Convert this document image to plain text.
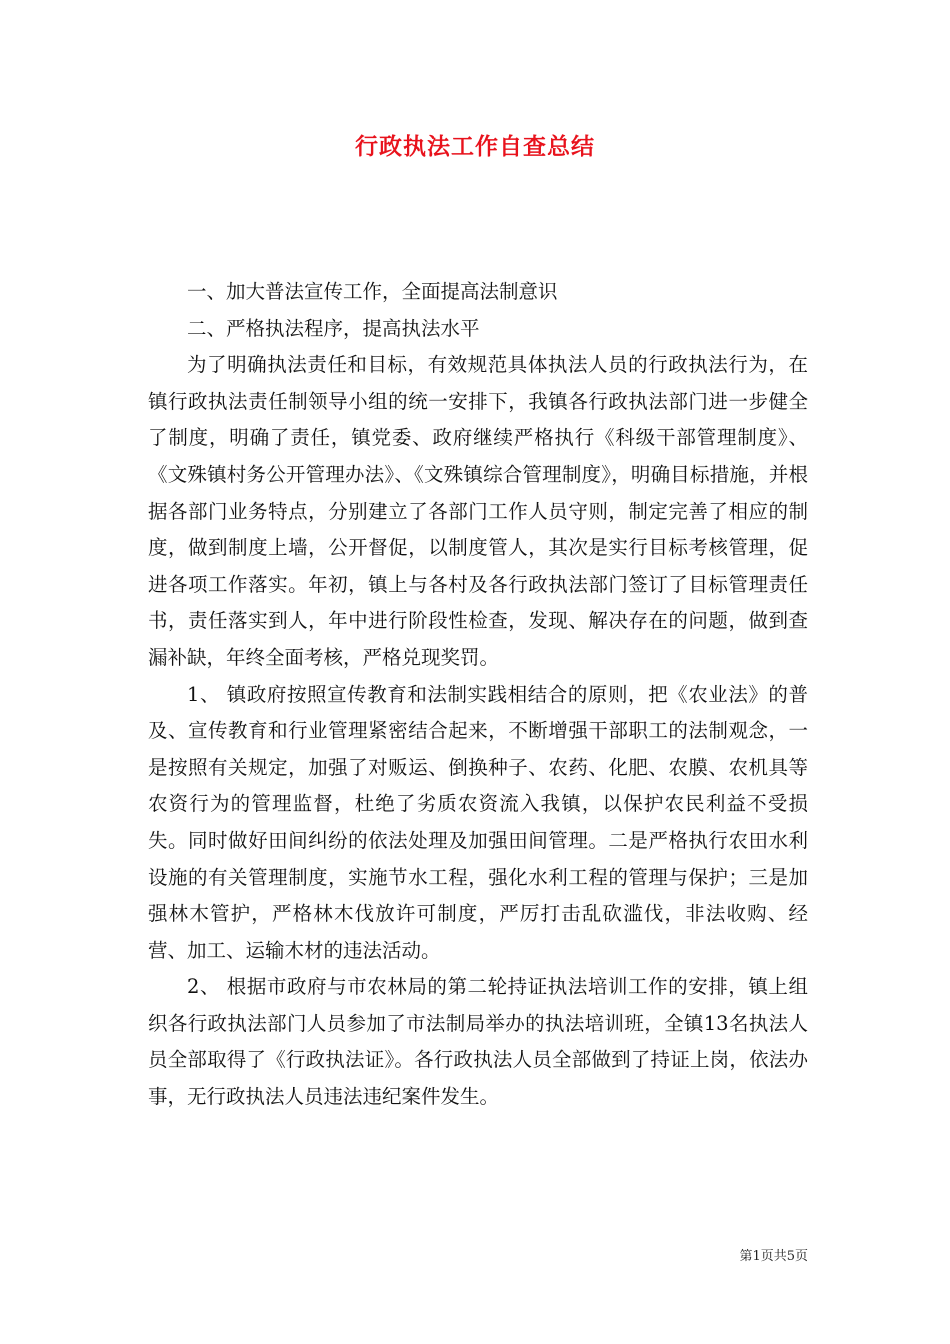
行政执法工作自查总结

一、加大普法宣传工作，全面提高法制意识

二、严格执法程序，提高执法水平

为了明确执法责任和目标，有效规范具体执法人员的行政执法行为，在镇行政执法责任制领导小组的统一安排下，我镇各行政执法部门进一步健全了制度，明确了责任，镇党委、政府继续严格执行《科级干部管理制度》、《文殊镇村务公开管理办法》、《文殊镇综合管理制度》，明确目标措施，并根据各部门业务特点，分别建立了各部门工作人员守则，制定完善了相应的制度，做到制度上墙，公开督促，以制度管人，其次是实行目标考核管理，促进各项工作落实。年初，镇上与各村及各行政执法部门签订了目标管理责任书，责任落实到人，年中进行阶段性检查，发现、解决存在的问题，做到查漏补缺，年终全面考核，严格兑现奖罚。

1、 镇政府按照宣传教育和法制实践相结合的原则，把《农业法》的普及、宣传教育和行业管理紧密结合起来，不断增强干部职工的法制观念，一是按照有关规定，加强了对贩运、倒换种子、农药、化肥、农膜、农机具等农资行为的管理监督，杜绝了劣质农资流入我镇，以保护农民利益不受损失。同时做好田间纠纷的依法处理及加强田间管理。二是严格执行农田水利设施的有关管理制度，实施节水工程，强化水利工程的管理与保护；三是加强林木管护，严格林木伐放许可制度，严厉打击乱砍滥伐，非法收购、经营、加工、运输木材的违法活动。

2、 根据市政府与市农林局的第二轮持证执法培训工作的安排，镇上组织各行政执法部门人员参加了市法制局举办的执法培训班，全镇13名执法人员全部取得了《行政执法证》。各行政执法人员全部做到了持证上岗，依法办事，无行政执法人员违法违纪案件发生。

第1页共5页
